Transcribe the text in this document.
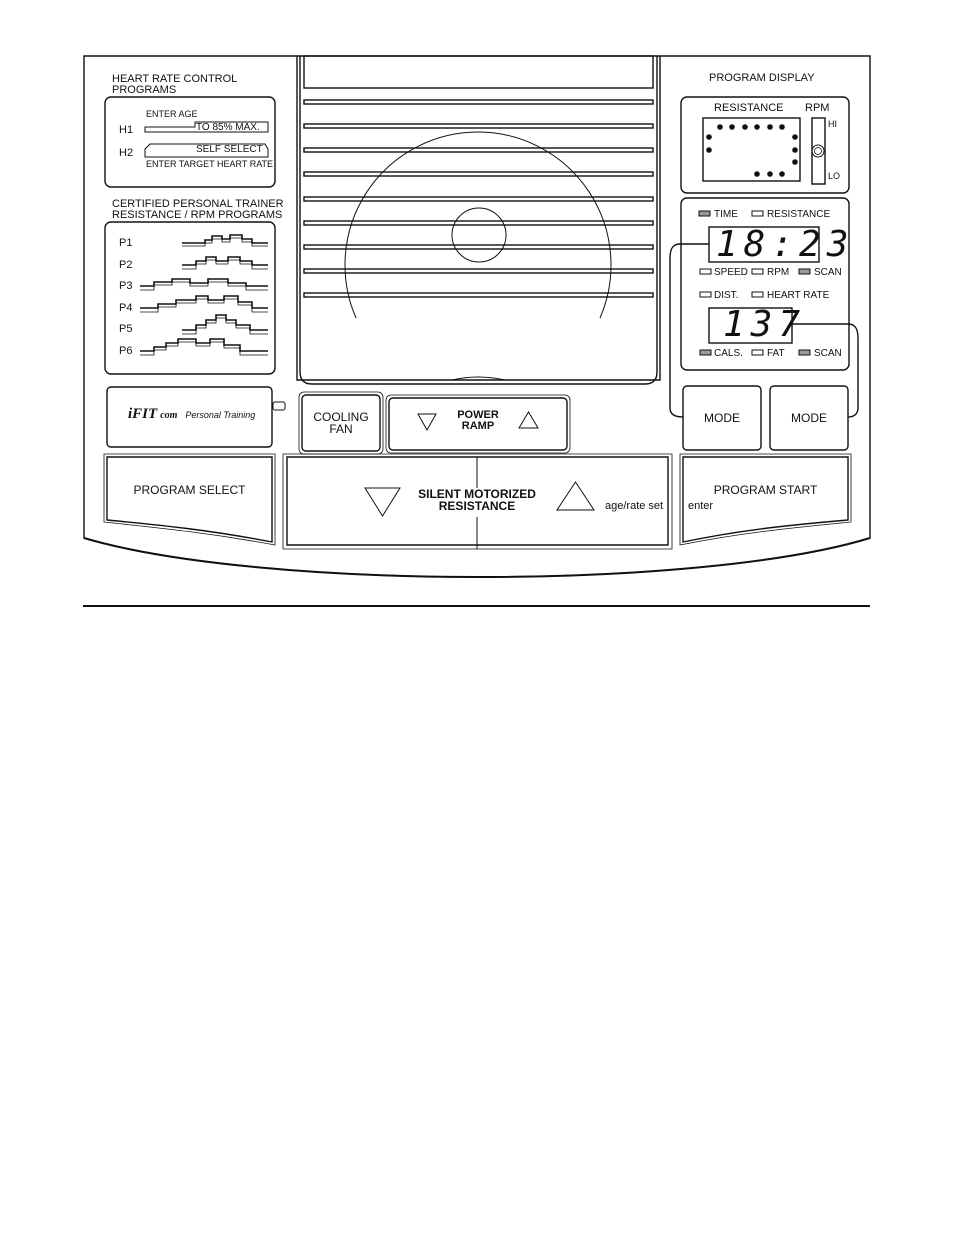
HEART RATE CONTROL
PROGRAMS
ENTER AGE
H1	TO 85% MAX.
H2	SELF SELECT
ENTER TARGET HEART RATE
CERTIFIED PERSONAL TRAINER
RESISTANCE / RPM PROGRAMS
P1
P2
P3
P4
P5
P6
iFIT com Personal Training
PROGRAM SELECT
COOLING
FAN
POWER
RAMP
SILENT MOTORIZED
RESISTANCE	age/rate set
PROGRAM DISPLAY
RESISTANCE RPM
HI
LO
TIME	RESISTANCE
18:23
SPEED RPM SCAN
DIST.	HEART RATE
137
CALS. FAT	SCAN
MODE	MODE
PROGRAM START
enter
